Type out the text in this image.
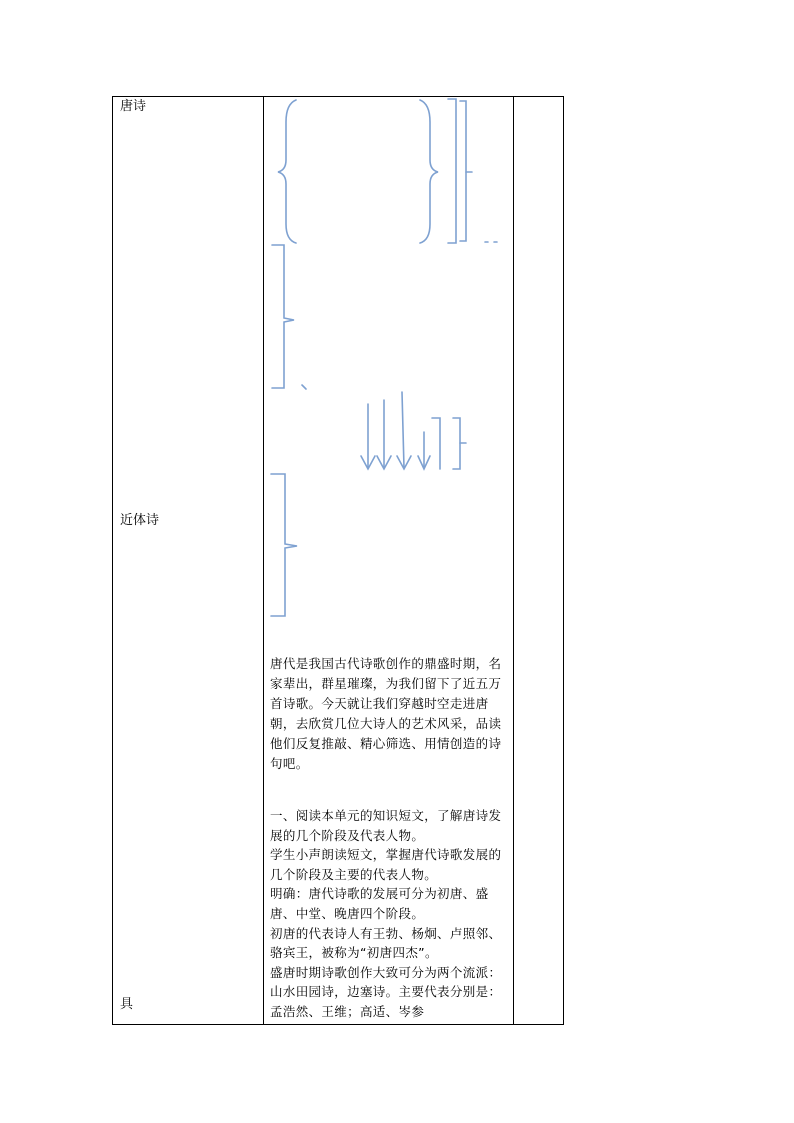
唐诗
近体诗
具

唐代是我国古代诗歌创作的鼎盛时期，名家辈出，群星璀璨，为我们留下了近五万首诗歌。今天就让我们穿越时空走进唐朝，去欣赏几位大诗人的艺术风采，品读他们反复推敲、精心筛选、用情创造的诗句吧。

一、阅读本单元的知识短文，了解唐诗发展的几个阶段及代表人物。

学生小声朗读短文，掌握唐代诗歌发展的几个阶段及主要的代表人物。

明确：唐代诗歌的发展可分为初唐、盛唐、中堂、晚唐四个阶段。

初唐的代表诗人有王勃、杨炯、卢照邻、骆宾王，被称为“初唐四杰”。

盛唐时期诗歌创作大致可分为两个流派：山水田园诗，边塞诗。主要代表分别是：孟浩然、王维；高适、岑参
